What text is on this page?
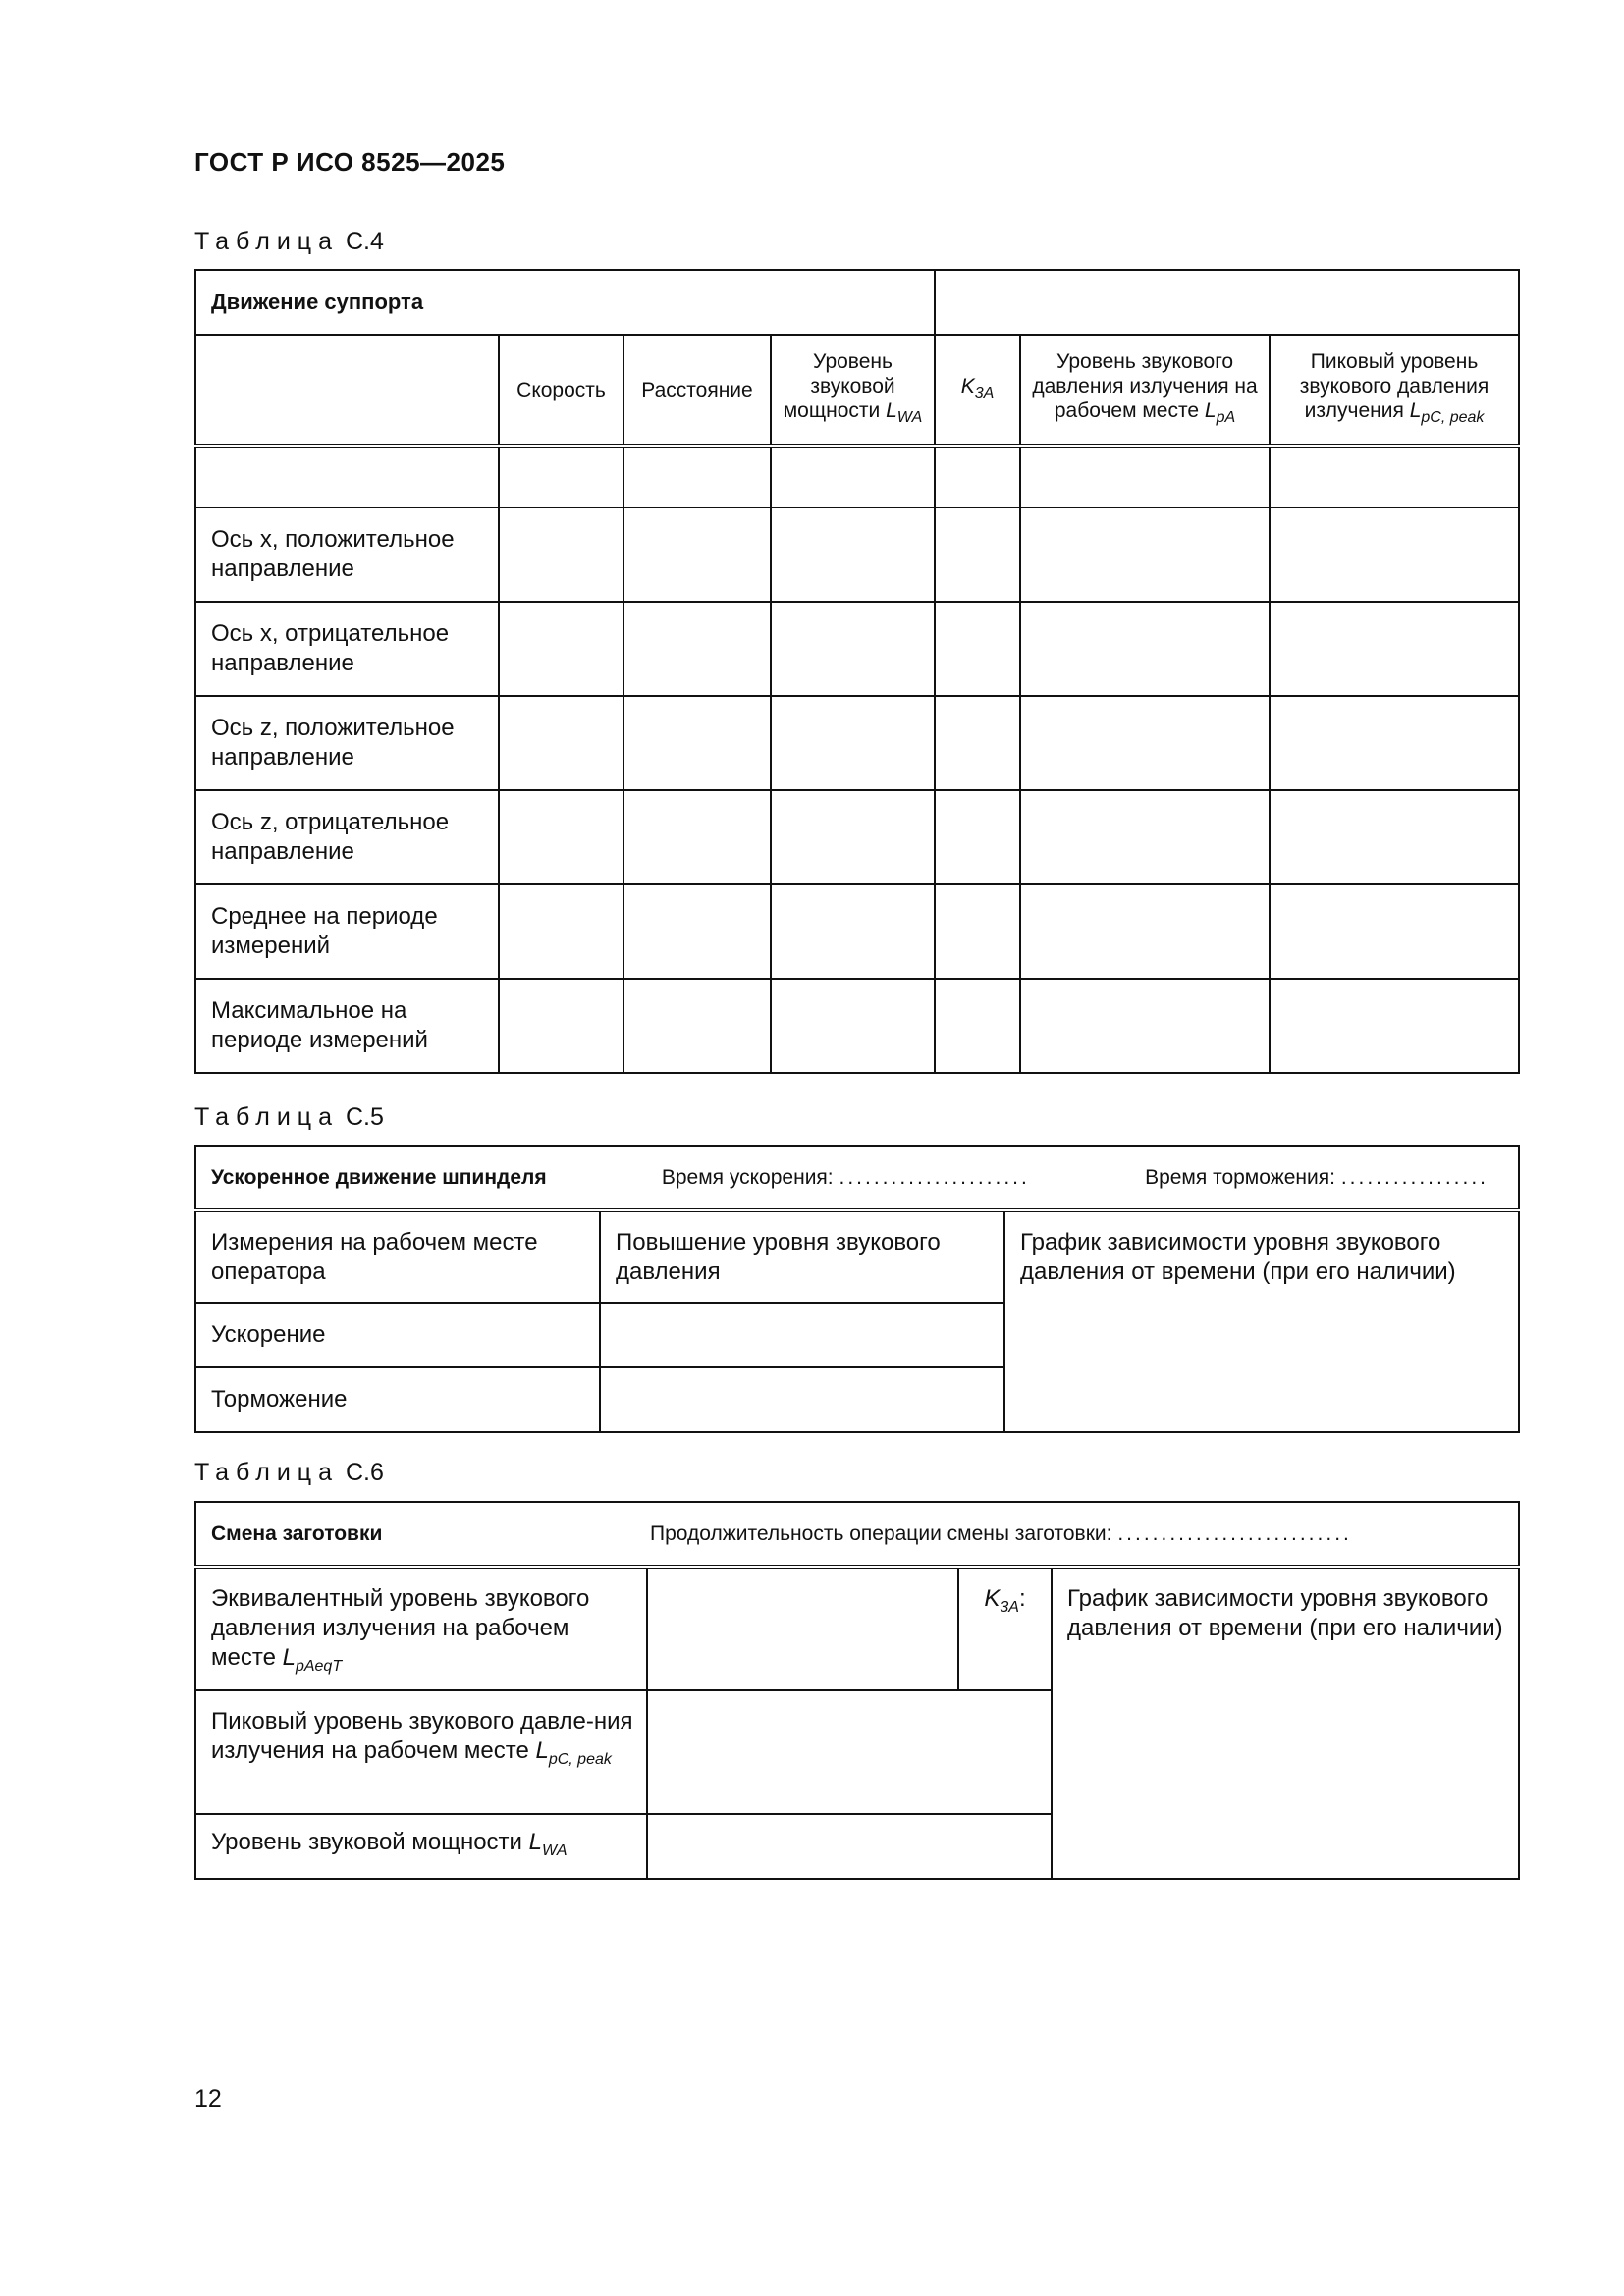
ГОСТ Р ИСО 8525—2025
Таблица С.4
Движение суппорта						
	Скорость	Расстояние	Уровень звуковой мощности $L_{WA}$	$K_{3A}$	Уровень звукового давления излучения на рабочем месте $L_{pA}$	Пиковый уровень звукового давления излучения $L_{pC, peak}$

Ось x, положительное направление						
Ось x, отрицательное направление						
Ось z, положительное направление						
Ось z, отрицательное направление						
Среднее на периоде измерений						
Максимальное на периоде измерений						
Таблица С.5
Ускоренное движение шпинделя Время ускорения: ...................... Время торможения: .................		

Измерения на рабочем месте оператора	Повышение уровня звукового давления	График зависимости уровня звукового давления от времени (при его наличии)
Ускорение		
Торможение		
Таблица С.6
Смена заготовки Продолжительность операции смены заготовки: ...........................			

Эквивалентный уровень звукового давления излучения на рабочем месте $L_{pAeqT}$		$K_{3A}$:	График зависимости уровня звукового давления от времени (при его наличии)
Пиковый уровень звукового давле-ния излучения на рабочем месте $L_{pC, peak}$	
Уровень звуковой мощности $L_{WA}$	
12
